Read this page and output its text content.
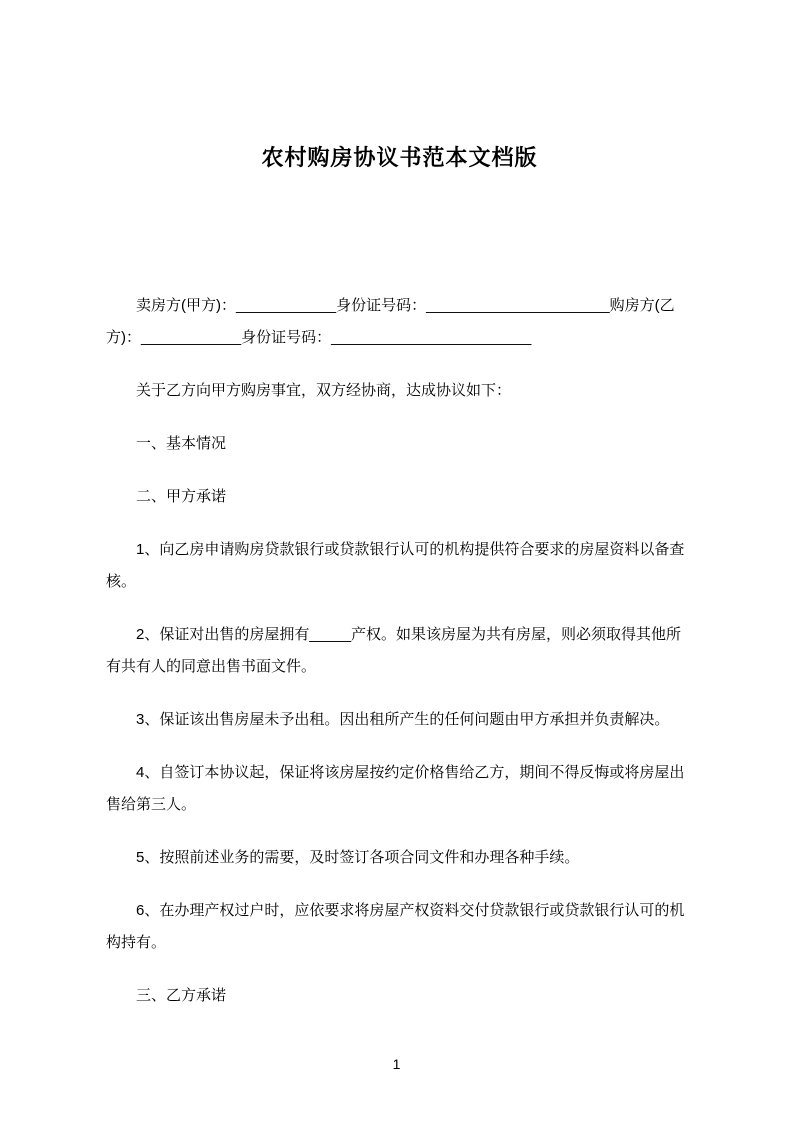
农村购房协议书范本文档版

卖房方(甲方)：____________身份证号码：______________________购房方(乙方)：____________身份证号码：________________________

关于乙方向甲方购房事宜，双方经协商，达成协议如下：

一、基本情况

二、甲方承诺

1、向乙房申请购房贷款银行或贷款银行认可的机构提供符合要求的房屋资料以备查核。

2、保证对出售的房屋拥有_____产权。如果该房屋为共有房屋，则必须取得其他所有共有人的同意出售书面文件。

3、保证该出售房屋未予出租。因出租所产生的任何问题由甲方承担并负责解决。

4、自签订本协议起，保证将该房屋按约定价格售给乙方，期间不得反悔或将房屋出售给第三人。

5、按照前述业务的需要，及时签订各项合同文件和办理各种手续。

6、在办理产权过户时，应依要求将房屋产权资料交付贷款银行或贷款银行认可的机构持有。

三、乙方承诺

1
